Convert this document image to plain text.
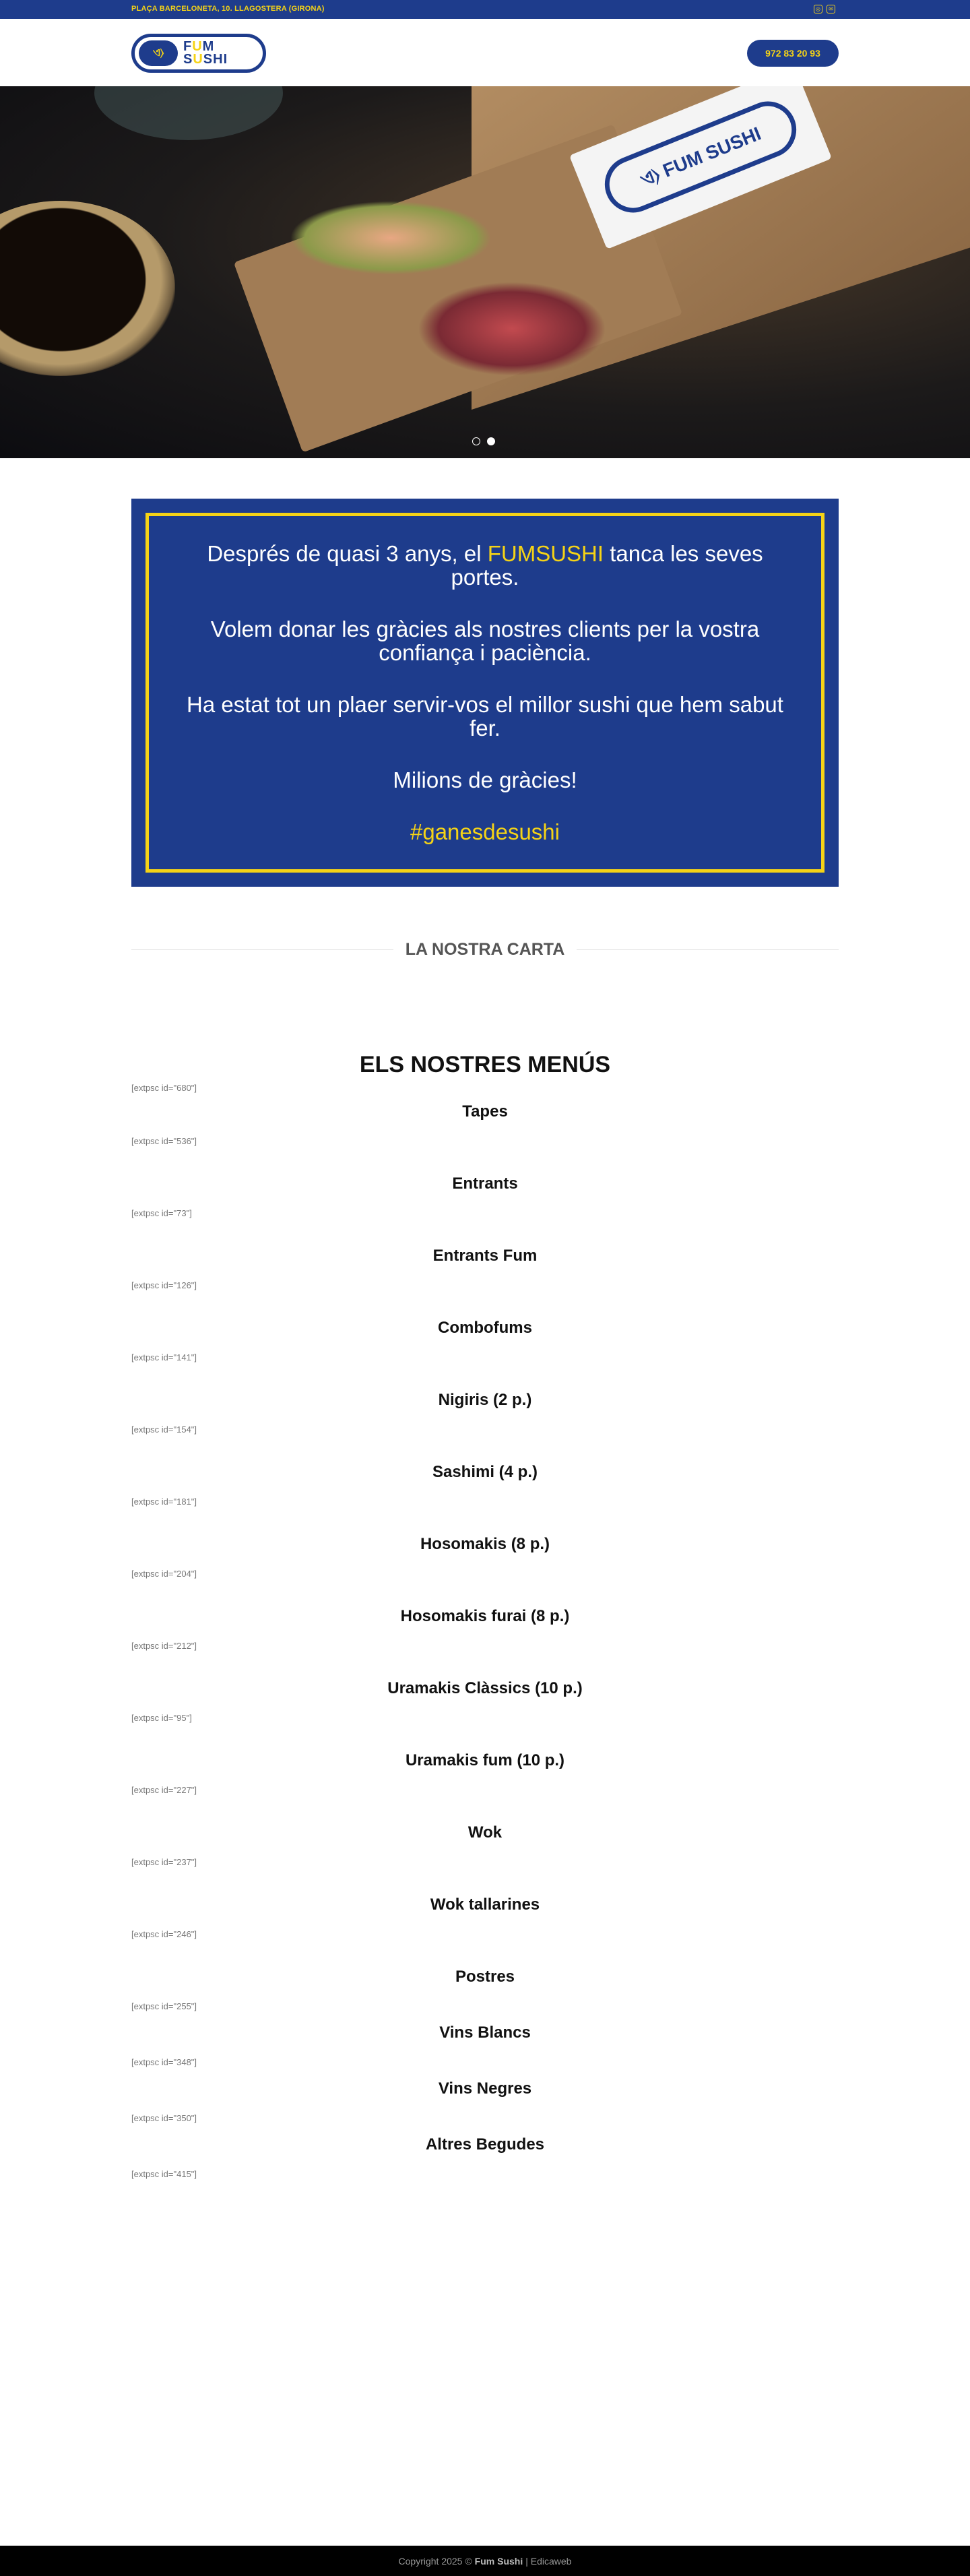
PLAÇA BARCELONETA, 10. LLAGOSTERA (GIRONA)	◎	✉
ଏ⟩	FUM
SUSHI	972 83 20 93
ଏ⟩ FUM SUSHI

Després de quasi 3 anys, el FUMSUSHI tanca les seves portes.

Volem donar les gràcies als nostres clients per la vostra confiança i paciència.

Ha estat tot un plaer servir-vos el millor sushi que hem sabut fer.

Milions de gràcies!

#ganesdesushi

LA NOSTRA CARTA
ELS NOSTRES MENÚS
[extpsc id="680"]
Tapes
[extpsc id="536"]
Entrants
[extpsc id="73"]
Entrants Fum
[extpsc id="126"]
Combofums
[extpsc id="141"]
Nigiris (2 p.)
[extpsc id="154"]
Sashimi (4 p.)
[extpsc id="181"]
Hosomakis (8 p.)
[extpsc id="204"]
Hosomakis furai (8 p.)
[extpsc id="212"]
Uramakis Clàssics (10 p.)
[extpsc id="95"]
Uramakis fum (10 p.)
[extpsc id="227"]
Wok
[extpsc id="237"]
Wok tallarines
[extpsc id="246"]
Postres
[extpsc id="255"]
Vins Blancs
[extpsc id="348"]
Vins Negres
[extpsc id="350"]
Altres Begudes
[extpsc id="415"]
Copyright 2025 © Fum Sushi |
Edicaweb
